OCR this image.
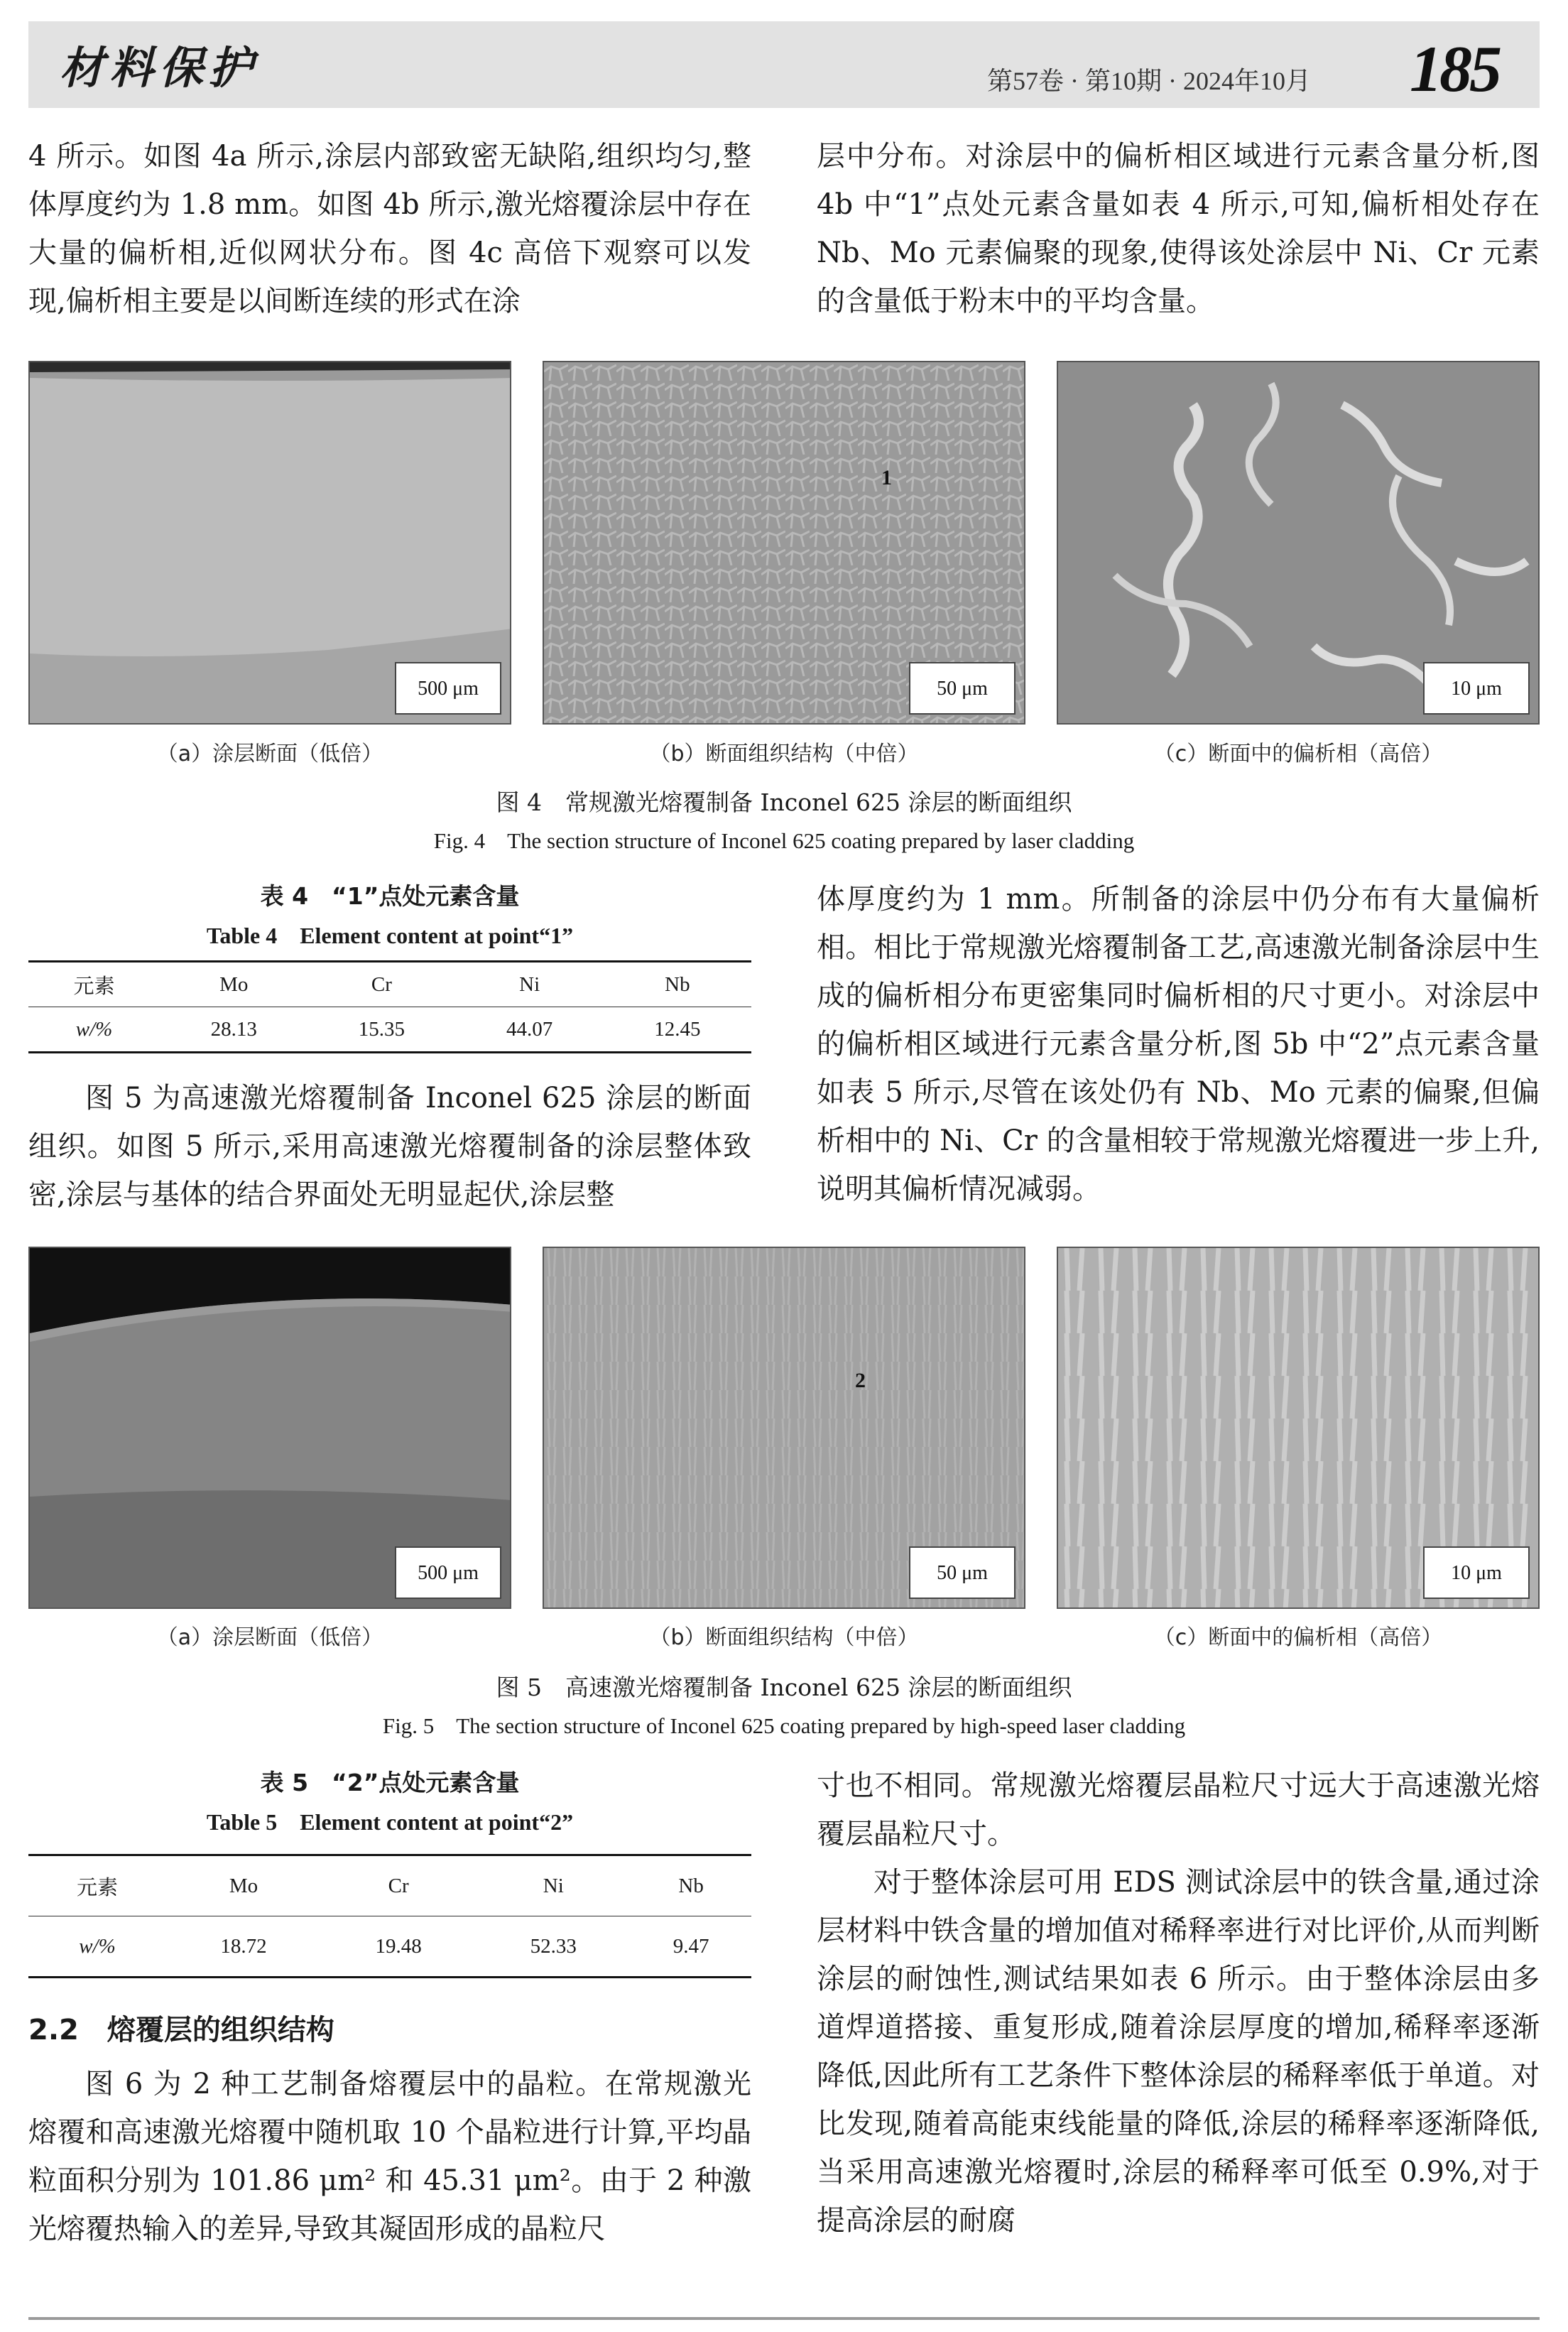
材料保护	第57卷 · 第10期 · 2024年10月 185

4 所示。如图 4a 所示,涂层内部致密无缺陷,组织均匀,整体厚度约为 1.8 mm。如图 4b 所示,激光熔覆涂层中存在大量的偏析相,近似网状分布。图 4c 高倍下观察可以发现,偏析相主要是以间断连续的形式在涂

层中分布。对涂层中的偏析相区域进行元素含量分析,图 4b 中“1”点处元素含量如表 4 所示,可知,偏析相处存在 Nb、Mo 元素偏聚的现象,使得该处涂层中 Ni、Cr 元素的含量低于粉末中的平均含量。

500 μm
1
50 μm	10 μm
（a）涂层断面（低倍）	（b）断面组织结构（中倍）	（c）断面中的偏析相（高倍）
图 4　常规激光熔覆制备 Inconel 625 涂层的断面组织
Fig. 4　The section structure of Inconel 625 coating prepared by laser cladding
表 4　“1”点处元素含量
Table 4　Element content at point“1”
元素	Mo	Cr	Ni	Nb
w/%	28.13	15.35	44.07	12.45

图 5 为高速激光熔覆制备 Inconel 625 涂层的断面组织。如图 5 所示,采用高速激光熔覆制备的涂层整体致密,涂层与基体的结合界面处无明显起伏,涂层整

体厚度约为 1 mm。所制备的涂层中仍分布有大量偏析相。相比于常规激光熔覆制备工艺,高速激光制备涂层中生成的偏析相分布更密集同时偏析相的尺寸更小。对涂层中的偏析相区域进行元素含量分析,图 5b 中“2”点元素含量如表 5 所示,尽管在该处仍有 Nb、Mo 元素的偏聚,但偏析相中的 Ni、Cr 的含量相较于常规激光熔覆进一步上升,说明其偏析情况减弱。

500 μm
2
50 μm	10 μm
（a）涂层断面（低倍）	（b）断面组织结构（中倍）	（c）断面中的偏析相（高倍）
图 5　高速激光熔覆制备 Inconel 625 涂层的断面组织
Fig. 5　The section structure of Inconel 625 coating prepared by high-speed laser cladding
表 5　“2”点处元素含量
Table 5　Element content at point“2”
元素	Mo	Cr	Ni	Nb
w/%	18.72	19.48	52.33	9.47
2.2　熔覆层的组织结构

图 6 为 2 种工艺制备熔覆层中的晶粒。在常规激光熔覆和高速激光熔覆中随机取 10 个晶粒进行计算,平均晶粒面积分别为 101.86 μm² 和 45.31 μm²。由于 2 种激光熔覆热输入的差异,导致其凝固形成的晶粒尺

寸也不相同。常规激光熔覆层晶粒尺寸远大于高速激光熔覆层晶粒尺寸。

对于整体涂层可用 EDS 测试涂层中的铁含量,通过涂层材料中铁含量的增加值对稀释率进行对比评价,从而判断涂层的耐蚀性,测试结果如表 6 所示。由于整体涂层由多道焊道搭接、重复形成,随着涂层厚度的增加,稀释率逐渐降低,因此所有工艺条件下整体涂层的稀释率低于单道。对比发现,随着高能束线能量的降低,涂层的稀释率逐渐降低,当采用高速激光熔覆时,涂层的稀释率可低至 0.9%,对于提高涂层的耐腐
